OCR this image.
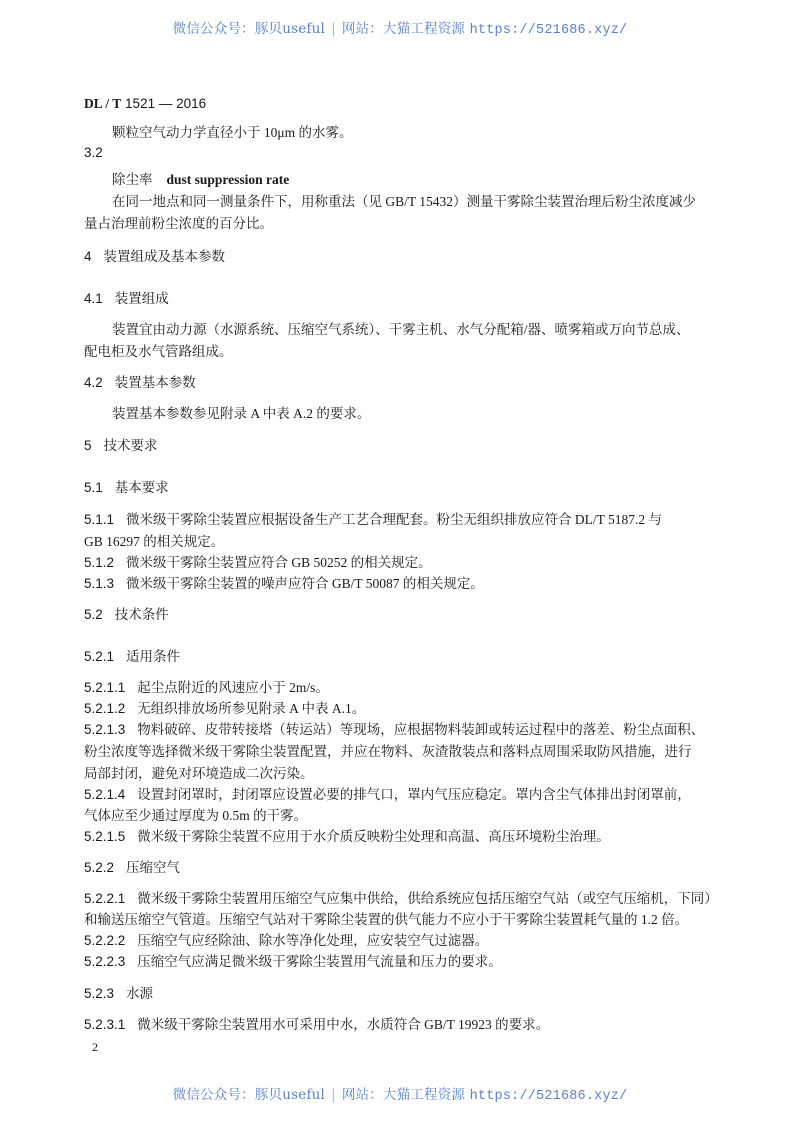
微信公众号：豚贝useful | 网站：大猫工程资源 https://521686.xyz/
DL / T 1521 — 2016
颗粒空气动力学直径小于 10μm 的水雾。
3.2
除尘率 dust suppression rate
在同一地点和同一测量条件下，用称重法（见 GB/T 15432）测量干雾除尘装置治理后粉尘浓度减少
量占治理前粉尘浓度的百分比。
4 装置组成及基本参数
4.1 装置组成
装置宜由动力源（水源系统、压缩空气系统）、干雾主机、水气分配箱/器、喷雾箱或万向节总成、
配电柜及水气管路组成。
4.2 装置基本参数
装置基本参数参见附录 A 中表 A.2 的要求。
5 技术要求
5.1 基本要求
5.1.1 微米级干雾除尘装置应根据设备生产工艺合理配套。粉尘无组织排放应符合 DL/T 5187.2 与
GB 16297 的相关规定。
5.1.2 微米级干雾除尘装置应符合 GB 50252 的相关规定。
5.1.3 微米级干雾除尘装置的噪声应符合 GB/T 50087 的相关规定。
5.2 技术条件
5.2.1 适用条件
5.2.1.1 起尘点附近的风速应小于 2m/s。
5.2.1.2 无组织排放场所参见附录 A 中表 A.1。
5.2.1.3 物料破碎、皮带转接塔（转运站）等现场，应根据物料装卸或转运过程中的落差、粉尘点面积、
粉尘浓度等选择微米级干雾除尘装置配置，并应在物料、灰渣散装点和落料点周围采取防风措施，进行
局部封闭，避免对环境造成二次污染。
5.2.1.4 设置封闭罩时，封闭罩应设置必要的排气口，罩内气压应稳定。罩内含尘气体排出封闭罩前，
气体应至少通过厚度为 0.5m 的干雾。
5.2.1.5 微米级干雾除尘装置不应用于水介质反映粉尘处理和高温、高压环境粉尘治理。
5.2.2 压缩空气
5.2.2.1 微米级干雾除尘装置用压缩空气应集中供给，供给系统应包括压缩空气站（或空气压缩机，下同）
和输送压缩空气管道。压缩空气站对干雾除尘装置的供气能力不应小于干雾除尘装置耗气量的 1.2 倍。
5.2.2.2 压缩空气应经除油、除水等净化处理，应安装空气过滤器。
5.2.2.3 压缩空气应满足微米级干雾除尘装置用气流量和压力的要求。
5.2.3 水源
5.2.3.1 微米级干雾除尘装置用水可采用中水，水质符合 GB/T 19923 的要求。
2
微信公众号：豚贝useful | 网站：大猫工程资源 https://521686.xyz/
